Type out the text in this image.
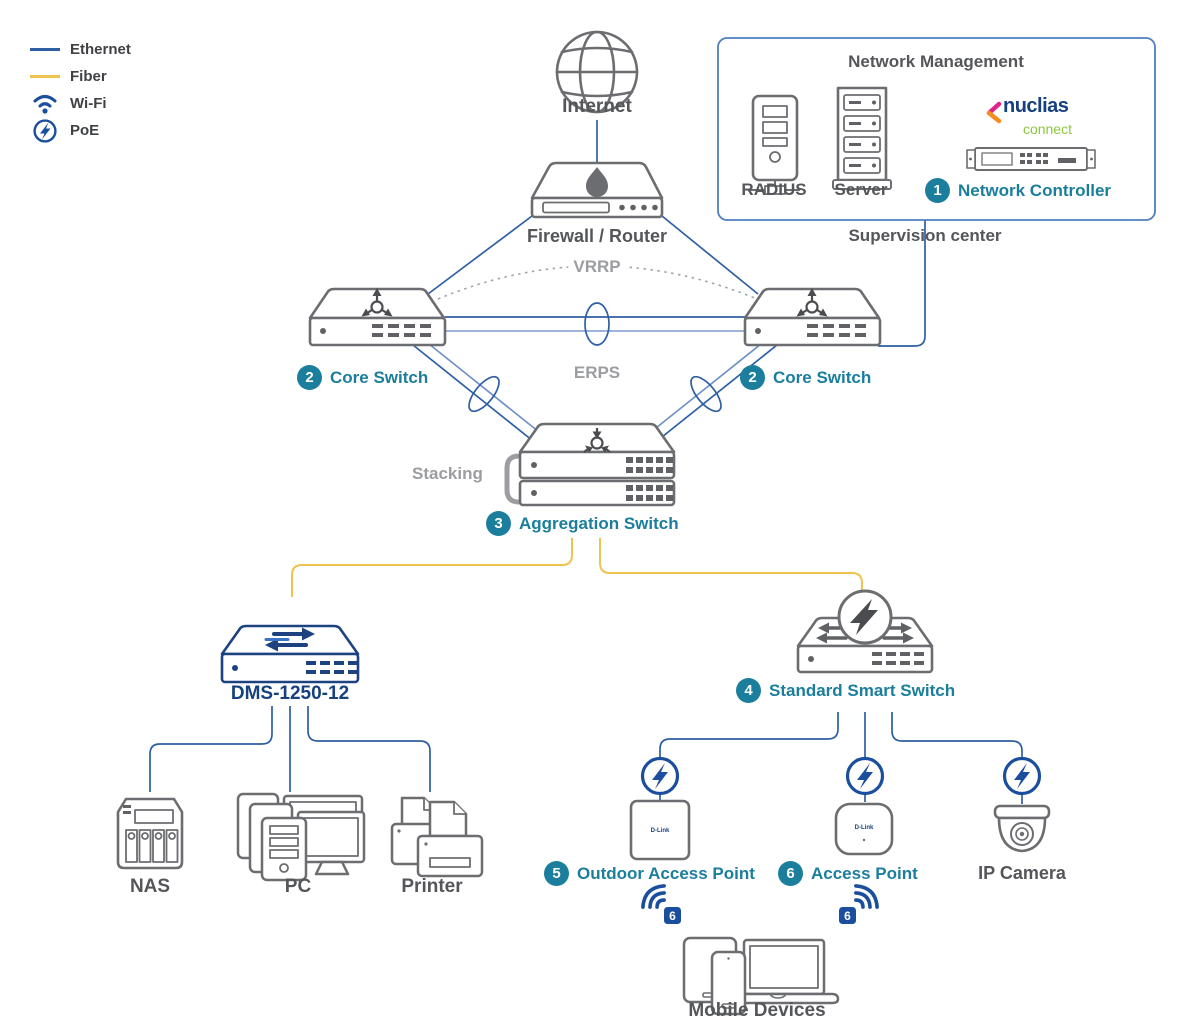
D-Link	D-Link
6	6
Ethernet
Fiber
Wi-Fi
PoE
Internet
Firewall / Router
Network Management
RADIUS Server	1 Network Controller
nuclias
connect
Supervision center
VRRP
ERPS
Stacking
2 Core Switch	2 Core Switch
3 Aggregation Switch
DMS-1250-12	4 Standard Smart Switch
NAS	PC	Printer
5 Outdoor Access Point	6 Access Point	IP Camera
Mobile Devices
